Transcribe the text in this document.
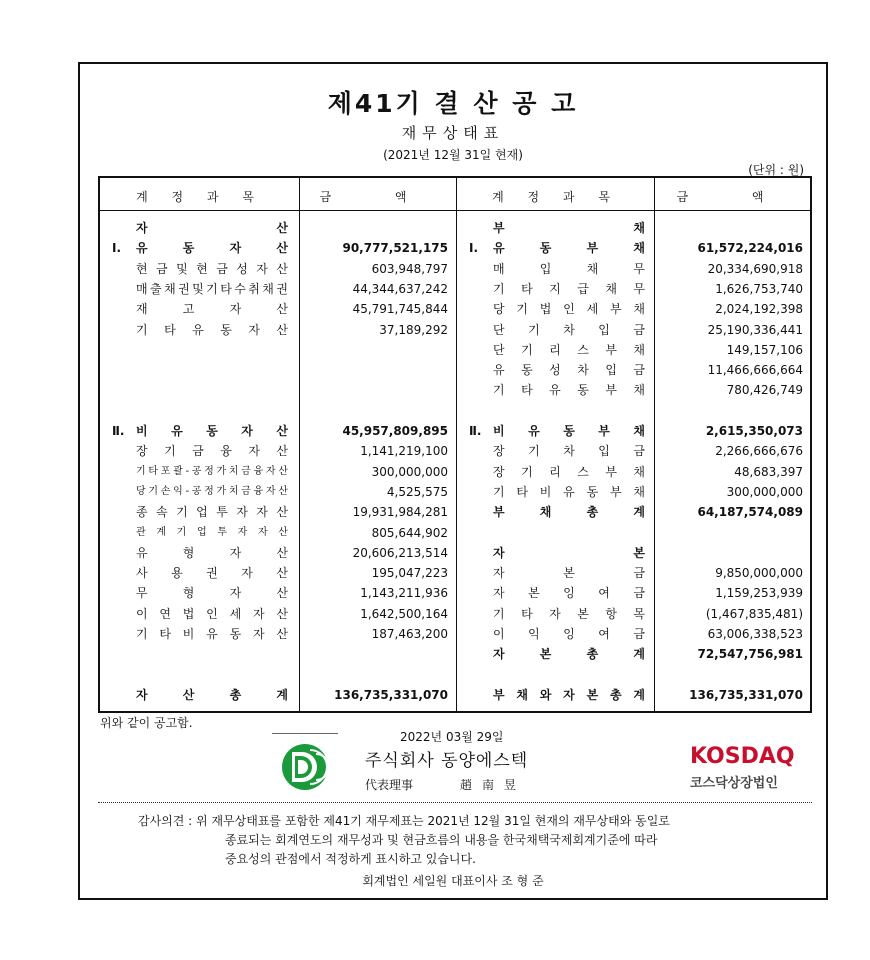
제41기 결 산 공 고
재무상태표
(2021년 12월 31일 현재)
(단위 : 원)
계 정 과 목	금 액	계 정 과 목	금 액
자	산
Ⅰ. 유	동	자	산	90,777,521,175
현 금 및 현 금 성 자 산	603,948,797
매 출 채 권 및 기 타 수 취 채 권	44,344,637,242
재	고	자	산	45,791,745,844
기 타 유 동 자 산	37,189,292
Ⅱ. 비 유 동 자 산	45,957,809,895
장 기 금 융 자 산	1,141,219,100
기 타 포 괄 - 공 정 가 치 금 융 자 산	300,000,000
당 기 손 익 - 공 정 가 치 금 융 자 산	4,525,575
종 속 기 업 투 자 자 산	19,931,984,281
관 계 기 업 투 자 자 산	805,644,902
유	형	자	산	20,606,213,514
사 용 권 자 산	195,047,223
무	형	자	산	1,143,211,936
이 연 법 인 세 자 산	1,642,500,164
기 타 비 유 동 자 산	187,463,200
자	산	총	계	136,735,331,070
부	채
Ⅰ. 유	동	부	채	61,572,224,016
매	입	채	무	20,334,690,918
기 타 지 급 채 무	1,626,753,740
당 기 법 인 세 부 채	2,024,192,398
단 기 차 입 금	25,190,336,441
단 기 리 스 부 채	149,157,106
유 동 성 차 입 금	11,466,666,664
기 타 유 동 부 채	780,426,749
Ⅱ. 비 유 동 부 채	2,615,350,073
장 기 차 입 금	2,266,666,676
장 기 리 스 부 채	48,683,397
기 타 비 유 동 부 채	300,000,000
부	채	총	계	64,187,574,089
자	본
자	본	금	9,850,000,000
자 본 잉 여 금	1,159,253,939
기 타 자 본 항 목	(1,467,835,481)
이 익 잉 여 금	63,006,338,523
자	본	총	계	72,547,756,981
부 채 와 자 본 총 계	136,735,331,070
위와 같이 공고함.
2022년 03월 29일
주식회사 동양에스텍
代表理事	趙南昱
KOSDAQ
코스닥상장법인
감사의견 : 위 재무상태표를 포함한 제41기 재무제표는 2021년 12월 31일 현재의 재무상태와 동일로
종료되는 회계연도의 재무성과 및 현금흐름의 내용을 한국채택국제회계기준에 따라
중요성의 관점에서 적정하게 표시하고 있습니다.
회계법인 세일원 대표이사 조 형 준
